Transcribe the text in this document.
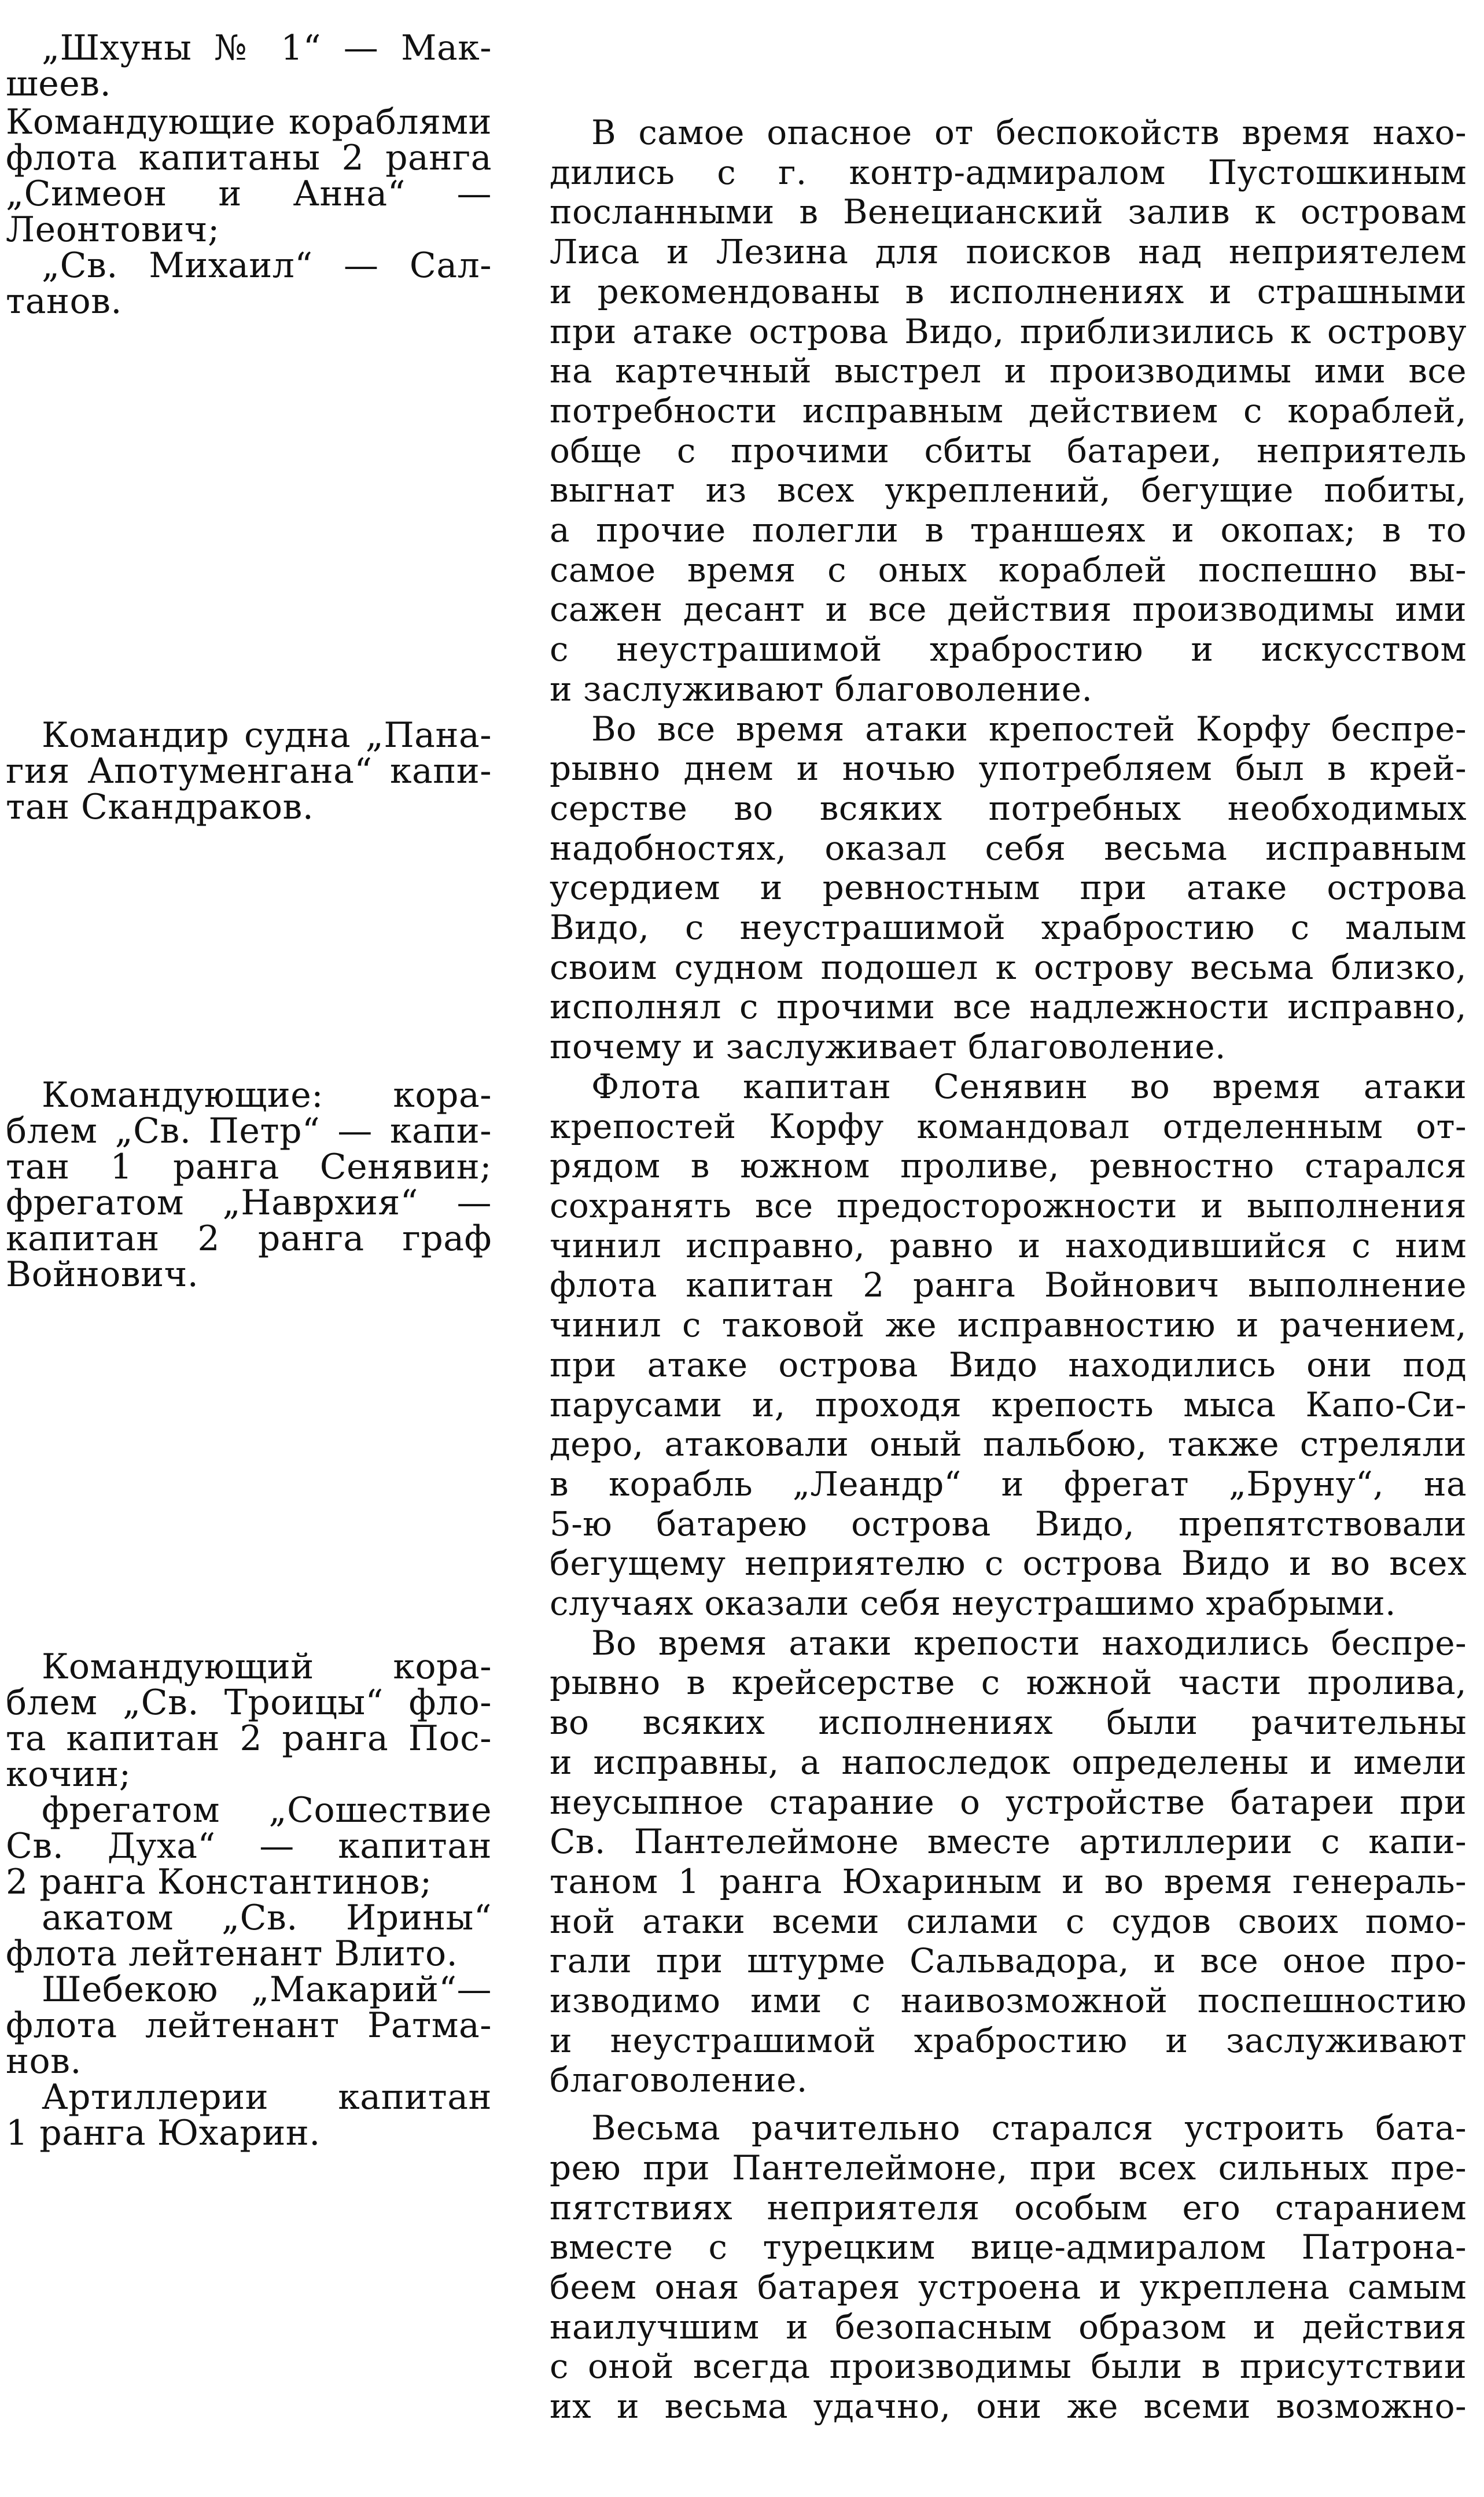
„Шхуны № 1“ — Мак-
шеев.
Командующие кораблями
флота капитаны 2 ранга
„Симеон и Анна“ —
Леонтович;
„Св. Михаил“ — Сал-
танов.
Командир судна „Пана-
гия Апотуменгана“ капи-
тан Скандраков.
Командующие: кора-
блем „Св. Петр“ — капи-
тан 1 ранга Сенявин;
фрегатом „Наврхия“ —
капитан 2 ранга граф
Войнович.
Командующий кора-
блем „Св. Троицы“ фло-
та капитан 2 ранга Пос-
кочин;
фрегатом „Сошествие
Св. Духа“ — капитан
2 ранга Константинов;
акатом „Св. Ирины“
флота лейтенант Влито.
Шебекою „Макарий“—
флота лейтенант Ратма-
нов.
Артиллерии капитан
1 ранга Юхарин.
В самое опасное от беспокойств время нахо-
дились с г. контр-адмиралом Пустошкиным
посланными в Венецианский залив к островам
Лиса и Лезина для поисков над неприятелем
и рекомендованы в исполнениях и страшными
при атаке острова Видо, приблизились к острову
на картечный выстрел и производимы ими все
потребности исправным действием с кораблей,
обще с прочими сбиты батареи, неприятель
выгнат из всех укреплений, бегущие побиты,
а прочие полегли в траншеях и окопах; в то
самое время с оных кораблей поспешно вы-
сажен десант и все действия производимы ими
с неустрашимой храбростию и искусством
и заслуживают благоволение.
Во все время атаки крепостей Корфу беспре-
рывно днем и ночью употребляем был в крей-
серстве во всяких потребных необходимых
надобностях, оказал себя весьма исправным
усердием и ревностным при атаке острова
Видо, с неустрашимой храбростию с малым
своим судном подошел к острову весьма близко,
исполнял с прочими все надлежности исправно,
почему и заслуживает благоволение.
Флота капитан Сенявин во время атаки
крепостей Корфу командовал отделенным от-
рядом в южном проливе, ревностно старался
сохранять все предосторожности и выполнения
чинил исправно, равно и находившийся с ним
флота капитан 2 ранга Войнович выполнение
чинил с таковой же исправностию и рачением,
при атаке острова Видо находились они под
парусами и, проходя крепость мыса Капо-Си-
деро, атаковали оный пальбою, также стреляли
в корабль „Леандр“ и фрегат „Бруну“, на
5-ю батарею острова Видо, препятствовали
бегущему неприятелю с острова Видо и во всех
случаях оказали себя неустрашимо храбрыми.
Во время атаки крепости находились беспре-
рывно в крейсерстве с южной части пролива,
во всяких исполнениях были рачительны
и исправны, а напоследок определены и имели
неусыпное старание о устройстве батареи при
Св. Пантелеймоне вместе артиллерии с капи-
таном 1 ранга Юхариным и во время генераль-
ной атаки всеми силами с судов своих помо-
гали при штурме Сальвадора, и все оное про-
изводимо ими с наивозможной поспешностию
и неустрашимой храбростию и заслуживают
благоволение.
Весьма рачительно старался устроить бата-
рею при Пантелеймоне, при всех сильных пре-
пятствиях неприятеля особым его старанием
вместе с турецким вице-адмиралом Патрона-
беем оная батарея устроена и укреплена самым
наилучшим и безопасным образом и действия
с оной всегда производимы были в присутствии
их и весьма удачно, они же всеми возможно-
